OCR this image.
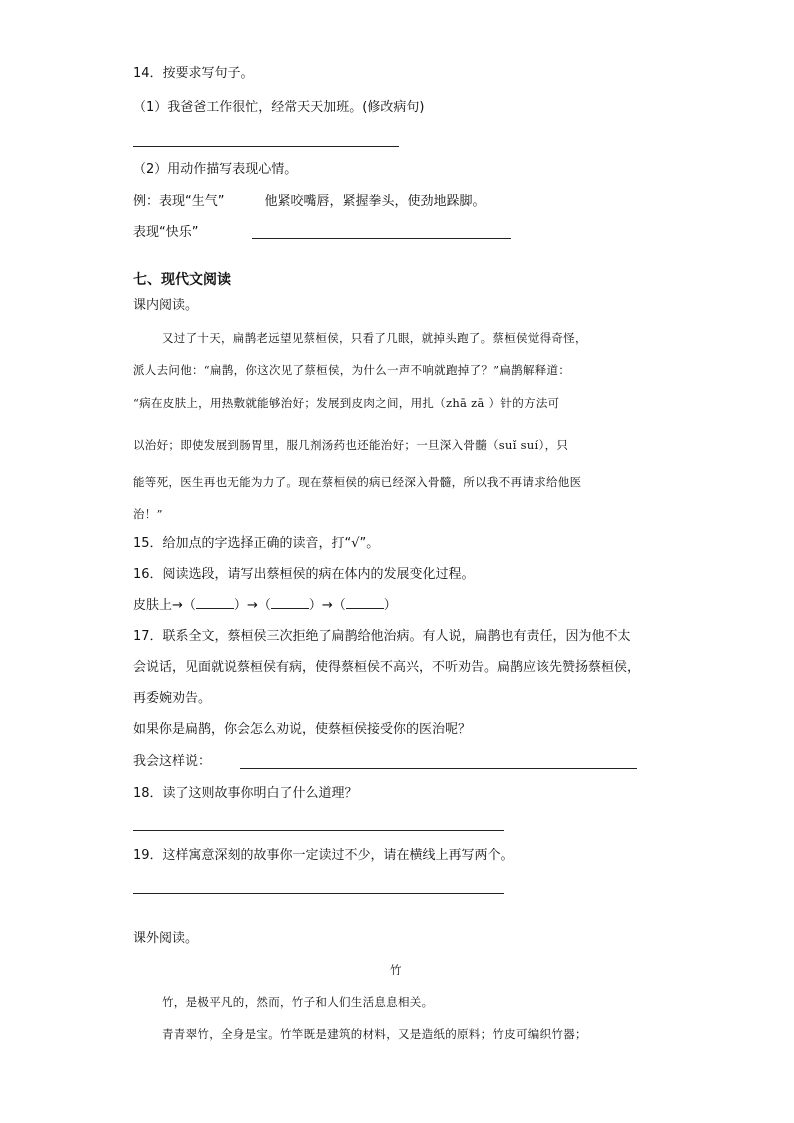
14．按要求写句子。
（1）我爸爸工作很忙，经常天天加班。(修改病句)
（2）用动作描写表现心情。
例：表现“生气”	他紧咬嘴唇，紧握拳头，使劲地跺脚。
表现“快乐”
七、现代文阅读
课内阅读。
又过了十天，扁鹊老远望见蔡桓侯，只看了几眼，就掉头跑了。蔡桓侯觉得奇怪，
派人去问他：“扁鹊，你这次见了蔡桓侯，为什么一声不响就跑掉了？”扁鹊解释道：
“病在皮肤上，用热敷就能够治好；发展到皮肉之间，用扎（zhā zā ）针的方法可
以治好；即使发展到肠胃里，服几剂汤药也还能治好；一旦深入骨髓（suǐ suí），只
能等死，医生再也无能为力了。现在蔡桓侯的病已经深入骨髓，所以我不再请求给他医
治！”
15．给加点的字选择正确的读音，打“√”。
16．阅读选段，请写出蔡桓侯的病在体内的发展变化过程。
皮肤上→（	）→（	）→（	）
17．联系全文，蔡桓侯三次拒绝了扁鹊给他治病。有人说，扁鹊也有责任，因为他不太
会说话，见面就说蔡桓侯有病，使得蔡桓侯不高兴，不听劝告。扁鹊应该先赞扬蔡桓侯，
再委婉劝告。
如果你是扁鹊，你会怎么劝说，使蔡桓侯接受你的医治呢？
我会这样说：
18．读了这则故事你明白了什么道理？
19．这样寓意深刻的故事你一定读过不少，请在横线上再写两个。
课外阅读。
竹
竹，是极平凡的，然而，竹子和人们生活息息相关。
青青翠竹，全身是宝。竹竿既是建筑的材料，又是造纸的原料；竹皮可编织竹器；
